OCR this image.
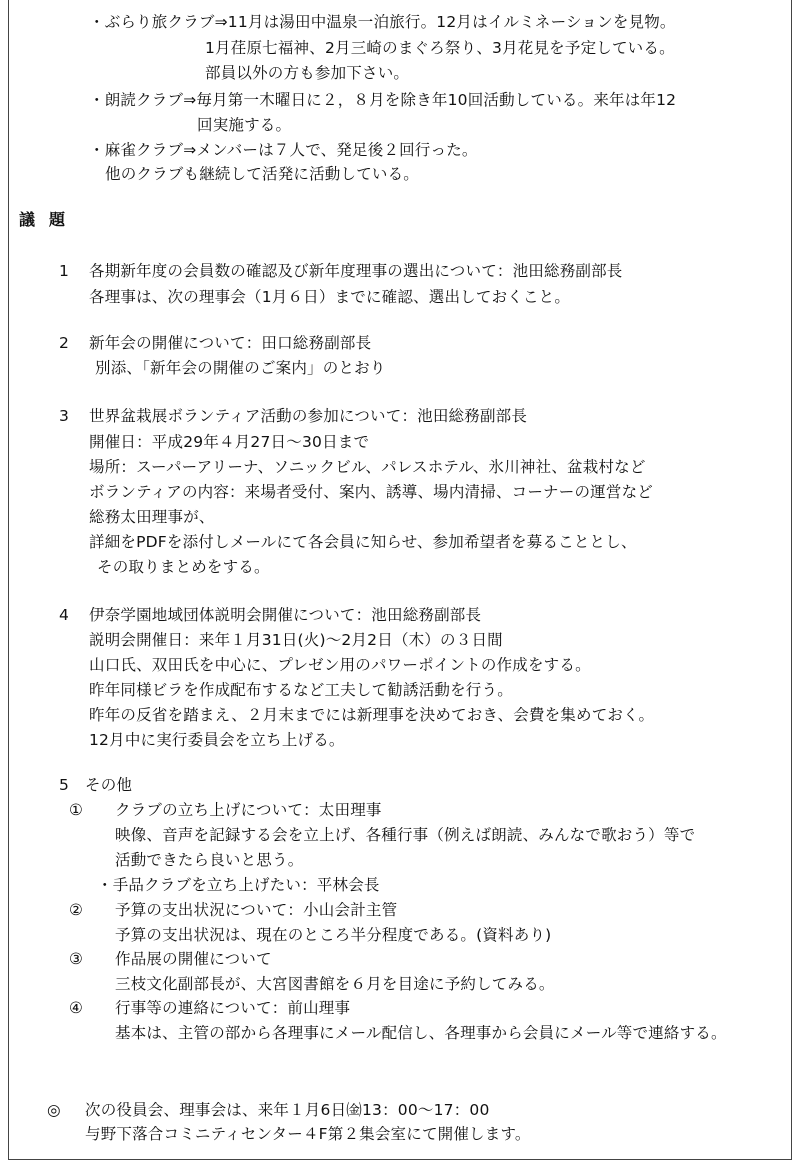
・ぶらり旅クラブ⇒11月は湯田中温泉一泊旅行。12月はイルミネーションを見物。
1月荏原七福神、2月三崎のまぐろ祭り、3月花見を予定している。
部員以外の方も参加下さい。
・朗読クラブ⇒毎月第一木曜日に２，８月を除き年10回活動している。来年は年12
回実施する。
・麻雀クラブ⇒メンバーは７人で、発足後２回行った。
他のクラブも継続して活発に活動している。
議題
1 各期新年度の会員数の確認及び新年度理事の選出について：池田総務副部長
各理事は、次の理事会（1月６日）までに確認、選出しておくこと。
2 新年会の開催について：田口総務副部長
別添、「新年会の開催のご案内」のとおり
3 世界盆栽展ボランティア活動の参加について：池田総務副部長
開催日：平成29年４月27日〜30日まで
場所：スーパーアリーナ、ソニックビル、パレスホテル、氷川神社、盆栽村など
ボランティアの内容：来場者受付、案内、誘導、場内清掃、コーナーの運営など
総務太田理事が、
詳細をPDFを添付しメールにて各会員に知らせ、参加希望者を募ることとし、
その取りまとめをする。
4 伊奈学園地域団体説明会開催について：池田総務副部長
説明会開催日：来年１月31日(火)〜2月2日（木）の３日間
山口氏、双田氏を中心に、プレゼン用のパワーポイントの作成をする。
昨年同様ビラを作成配布するなど工夫して勧誘活動を行う。
昨年の反省を踏まえ、２月末までには新理事を決めておき、会費を集めておく。
12月中に実行委員会を立ち上げる。
5 その他
① クラブの立ち上げについて：太田理事
映像、音声を記録する会を立上げ、各種行事（例えば朗読、みんなで歌おう）等で
活動できたら良いと思う。
・手品クラブを立ち上げたい：平林会長
② 予算の支出状況について：小山会計主管
予算の支出状況は、現在のところ半分程度である。(資料あり)
③ 作品展の開催について
三枝文化副部長が、大宮図書館を６月を目途に予約してみる。
④ 行事等の連絡について：前山理事
基本は、主管の部から各理事にメール配信し、各理事から会員にメール等で連絡する。
◎ 次の役員会、理事会は、来年１月6日㈮13：00〜17：00
与野下落合コミニティセンター４F第２集会室にて開催します。
